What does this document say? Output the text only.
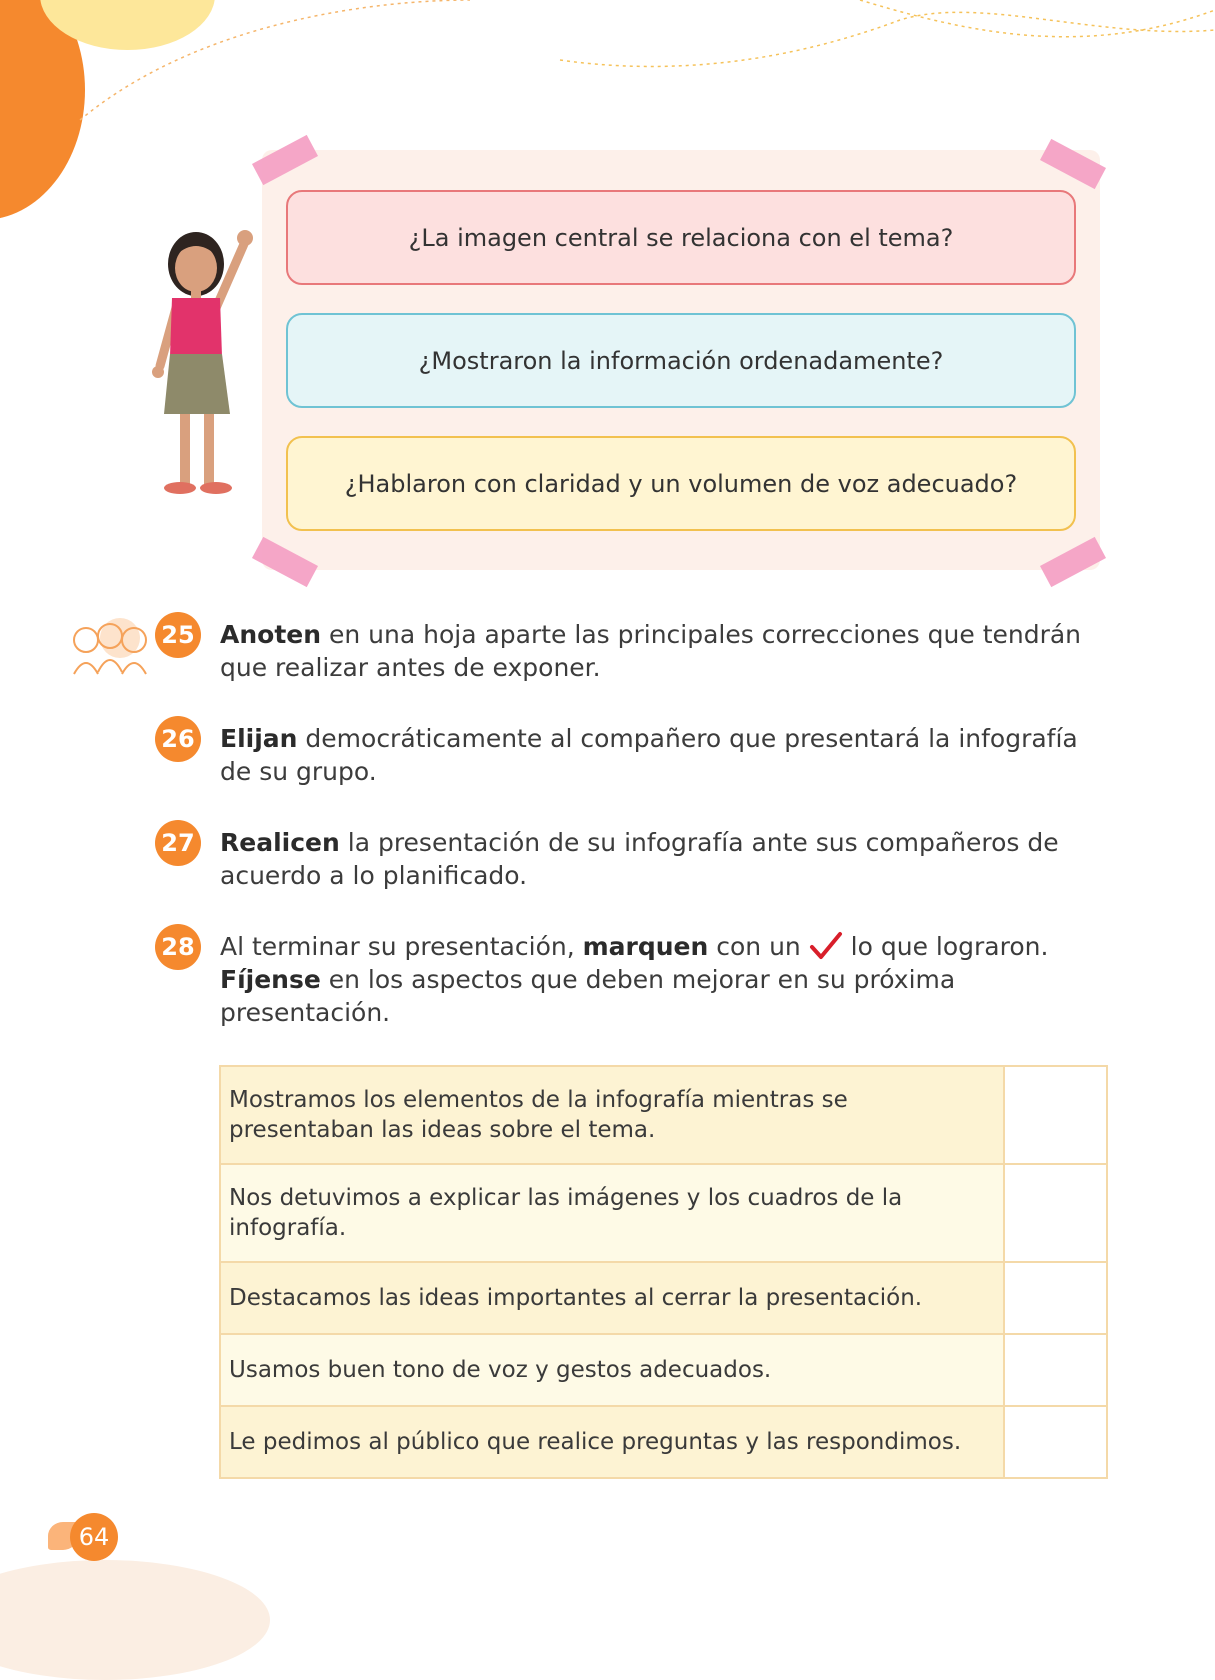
¿La imagen central se relaciona con el tema?
¿Mostraron la información ordenadamente?
¿Hablaron con claridad y un volumen de voz adecuado?
25 Anoten en una hoja aparte las principales correcciones que tendrán que realizar antes de exponer.
26 Elijan democráticamente al compañero que presentará la infografía de su grupo.
27 Realicen la presentación de su infografía ante sus compañeros de acuerdo a lo planificado.
28 Al terminar su presentación, marquen con un  lo que lograron.
Fíjense en los aspectos que deben mejorar en su próxima presentación.
Mostramos los elementos de la infografía mientras se presentaban las ideas sobre el tema.	
Nos detuvimos a explicar las imágenes y los cuadros de la infografía.	
Destacamos las ideas importantes al cerrar la presentación.	
Usamos buen tono de voz y gestos adecuados.	
Le pedimos al público que realice preguntas y las respondimos.	
64
